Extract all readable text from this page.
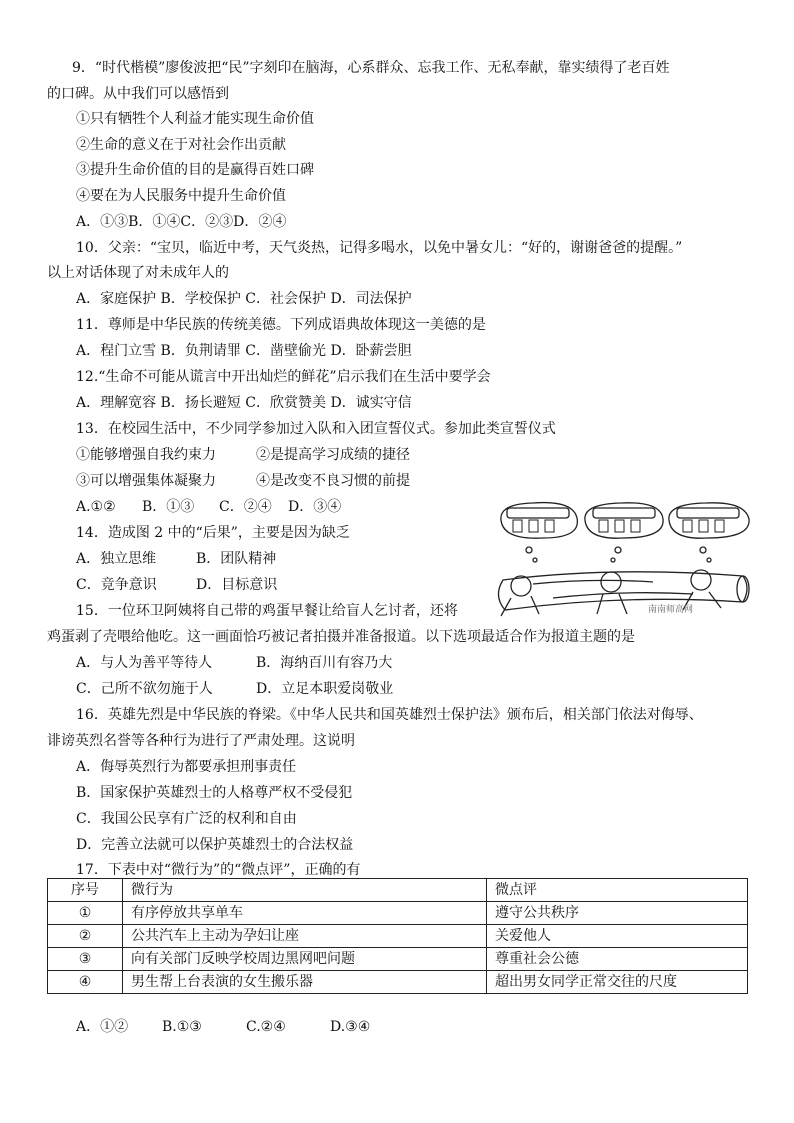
9．“时代楷模”廖俊波把“民”字刻印在脑海，心系群众、忘我工作、无私奉献，靠实绩得了老百姓
的口碑。从中我们可以感悟到
①只有牺牲个人利益才能实现生命价值
②生命的意义在于对社会作出贡献
③提升生命价值的目的是赢得百姓口碑
④要在为人民服务中提升生命价值
A．①③B．①④C．②③D．②④
10．父亲：“宝贝，临近中考，天气炎热，记得多喝水，以免中暑女儿：“好的，谢谢爸爸的提醒。”
以上对话体现了对未成年人的
A．家庭保护 B．学校保护 C．社会保护 D．司法保护
11．尊师是中华民族的传统美德。下列成语典故体现这一美德的是
A．程门立雪 B．负荆请罪 C．凿壁偷光 D．卧薪尝胆
12.“生命不可能从谎言中开出灿烂的鲜花”启示我们在生活中要学会
A．理解宽容 B．扬长避短 C．欣赏赞美 D．诚实守信
13．在校园生活中，不少同学参加过入队和入团宣誓仪式。参加此类宣誓仪式
①能够增强自我约束力	②是提高学习成绩的捷径
③可以增强集体凝聚力	④是改变不良习惯的前提
A.①② B．①③ C．②④ D．③④
14．造成图 2 中的“后果”，主要是因为缺乏
A．独立思维	B．团队精神
C．竞争意识	D．目标意识
南南师高网
15．一位环卫阿姨将自己带的鸡蛋早餐让给盲人乞讨者，还将
鸡蛋剥了壳喂给他吃。这一画面恰巧被记者拍摄并准备报道。以下选项最适合作为报道主题的是
A．与人为善平等待人	B．海纳百川有容乃大
C．己所不欲勿施于人	D．立足本职爱岗敬业
16．英雄先烈是中华民族的脊梁。《中华人民共和国英雄烈士保护法》颁布后，相关部门依法对侮辱、
诽谤英烈名誉等各种行为进行了严肃处理。这说明
A．侮辱英烈行为都要承担刑事责任
B．国家保护英雄烈士的人格尊严权不受侵犯
C．我国公民享有广泛的权利和自由
D．完善立法就可以保护英雄烈士的合法权益
17．下表中对“微行为”的“微点评”，正确的有
序号	微行为	微点评
①	有序停放共享单车	遵守公共秩序
②	公共汽车上主动为孕妇让座	关爱他人
③	向有关部门反映学校周边黑网吧问题	尊重社会公德
④	男生帮上台表演的女生搬乐器	超出男女同学正常交往的尺度
A．①② B.①③	C.②④	D.③④
